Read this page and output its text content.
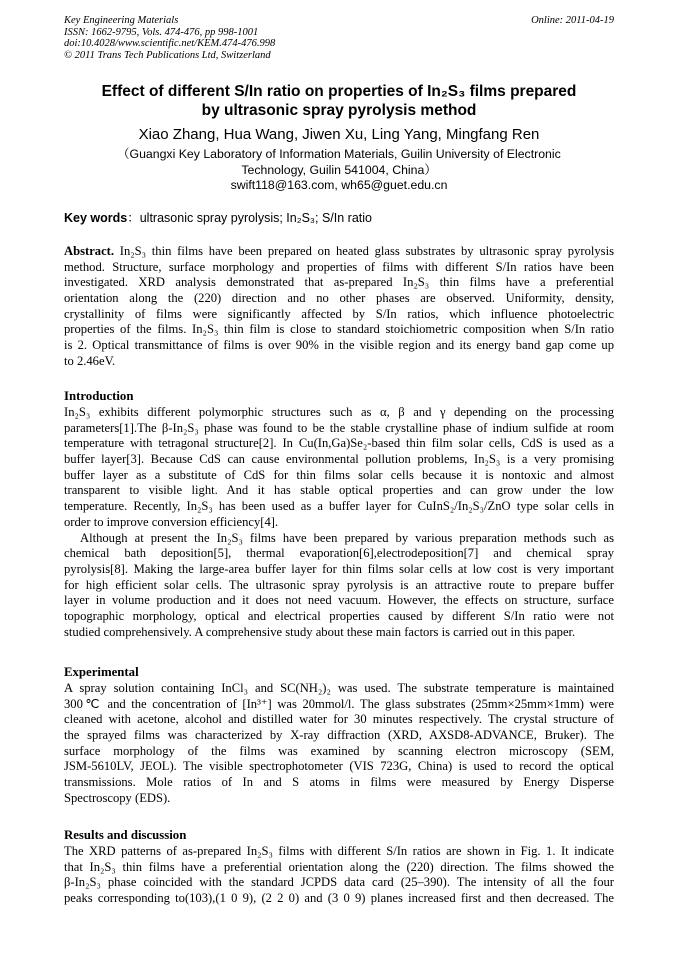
Key Engineering Materials
ISSN: 1662-9795, Vols. 474-476, pp 998-1001
doi:10.4028/www.scientific.net/KEM.474-476.998
© 2011 Trans Tech Publications Ltd, Switzerland
Online: 2011-04-19
Effect of different S/In ratio on properties of In₂S₃ films prepared
by ultrasonic spray pyrolysis method
Xiao Zhang, Hua Wang, Jiwen Xu, Ling Yang, Mingfang Ren
（Guangxi Key Laboratory of Information Materials, Guilin University of Electronic
Technology, Guilin 541004, China）
swift118@163.com, wh65@guet.edu.cn
Key words：ultrasonic spray pyrolysis; In₂S₃; S/In ratio
Abstract. In₂S₃ thin films have been prepared on heated glass substrates by ultrasonic spray pyrolysis
method. Structure, surface morphology and properties of films with different S/In ratios have been
investigated. XRD analysis demonstrated that as-prepared In₂S₃ thin films have a preferential
orientation along the (220) direction and no other phases are observed. Uniformity, density,
crystallinity of films were significantly affected by S/In ratios, which influence photoelectric
properties of the films. In₂S₃ thin film is close to standard stoichiometric composition when S/In ratio
is 2. Optical transmittance of films is over 90% in the visible region and its energy band gap come up
to 2.46eV.
Introduction
In₂S₃ exhibits different polymorphic structures such as α, β and γ depending on the processing
parameters[1].The β-In₂S₃ phase was found to be the stable crystalline phase of indium sulfide at room
temperature with tetragonal structure[2]. In Cu(In,Ga)Se₂-based thin film solar cells, CdS is used as a
buffer layer[3]. Because CdS can cause environmental pollution problems, In₂S₃ is a very promising
buffer layer as a substitute of CdS for thin films solar cells because it is nontoxic and almost
transparent to visible light. And it has stable optical properties and can grow under the low
temperature. Recently, In₂S₃ has been used as a buffer layer for CuInS₂/In₂S₃/ZnO type solar cells in
order to improve conversion efficiency[4].
Although at present the In₂S₃ films have been prepared by various preparation methods such as
chemical bath deposition[5], thermal evaporation[6],electrodeposition[7] and chemical spray
pyrolysis[8]. Making the large-area buffer layer for thin films solar cells at low cost is very important
for high efficient solar cells. The ultrasonic spray pyrolysis is an attractive route to prepare buffer
layer in volume production and it does not need vacuum. However, the effects on structure, surface
topographic morphology, optical and electrical properties caused by different S/In ratio were not
studied comprehensively. A comprehensive study about these main factors is carried out in this paper.
Experimental
A spray solution containing InCl₃ and SC(NH₂)₂ was used. The substrate temperature is maintained
300℃ and the concentration of [In³⁺] was 20mmol/l. The glass substrates (25mm×25mm×1mm) were
cleaned with acetone, alcohol and distilled water for 30 minutes respectively. The crystal structure of
the sprayed films was characterized by X-ray diffraction (XRD, AXSD8-ADVANCE, Bruker). The
surface morphology of the films was examined by scanning electron microscopy (SEM,
JSM-5610LV, JEOL). The visible spectrophotometer (VIS 723G, China) is used to record the optical
transmissions. Mole ratios of In and S atoms in films were measured by Energy Disperse
Spectroscopy (EDS).
Results and discussion
The XRD patterns of as-prepared In₂S₃ films with different S/In ratios are shown in Fig. 1. It indicate
that In₂S₃ thin films have a preferential orientation along the (220) direction. The films showed the
β-In₂S₃ phase coincided with the standard JCPDS data card (25–390). The intensity of all the four
peaks corresponding to(103),(1 0 9), (2 2 0) and (3 0 9) planes increased first and then decreased. The
